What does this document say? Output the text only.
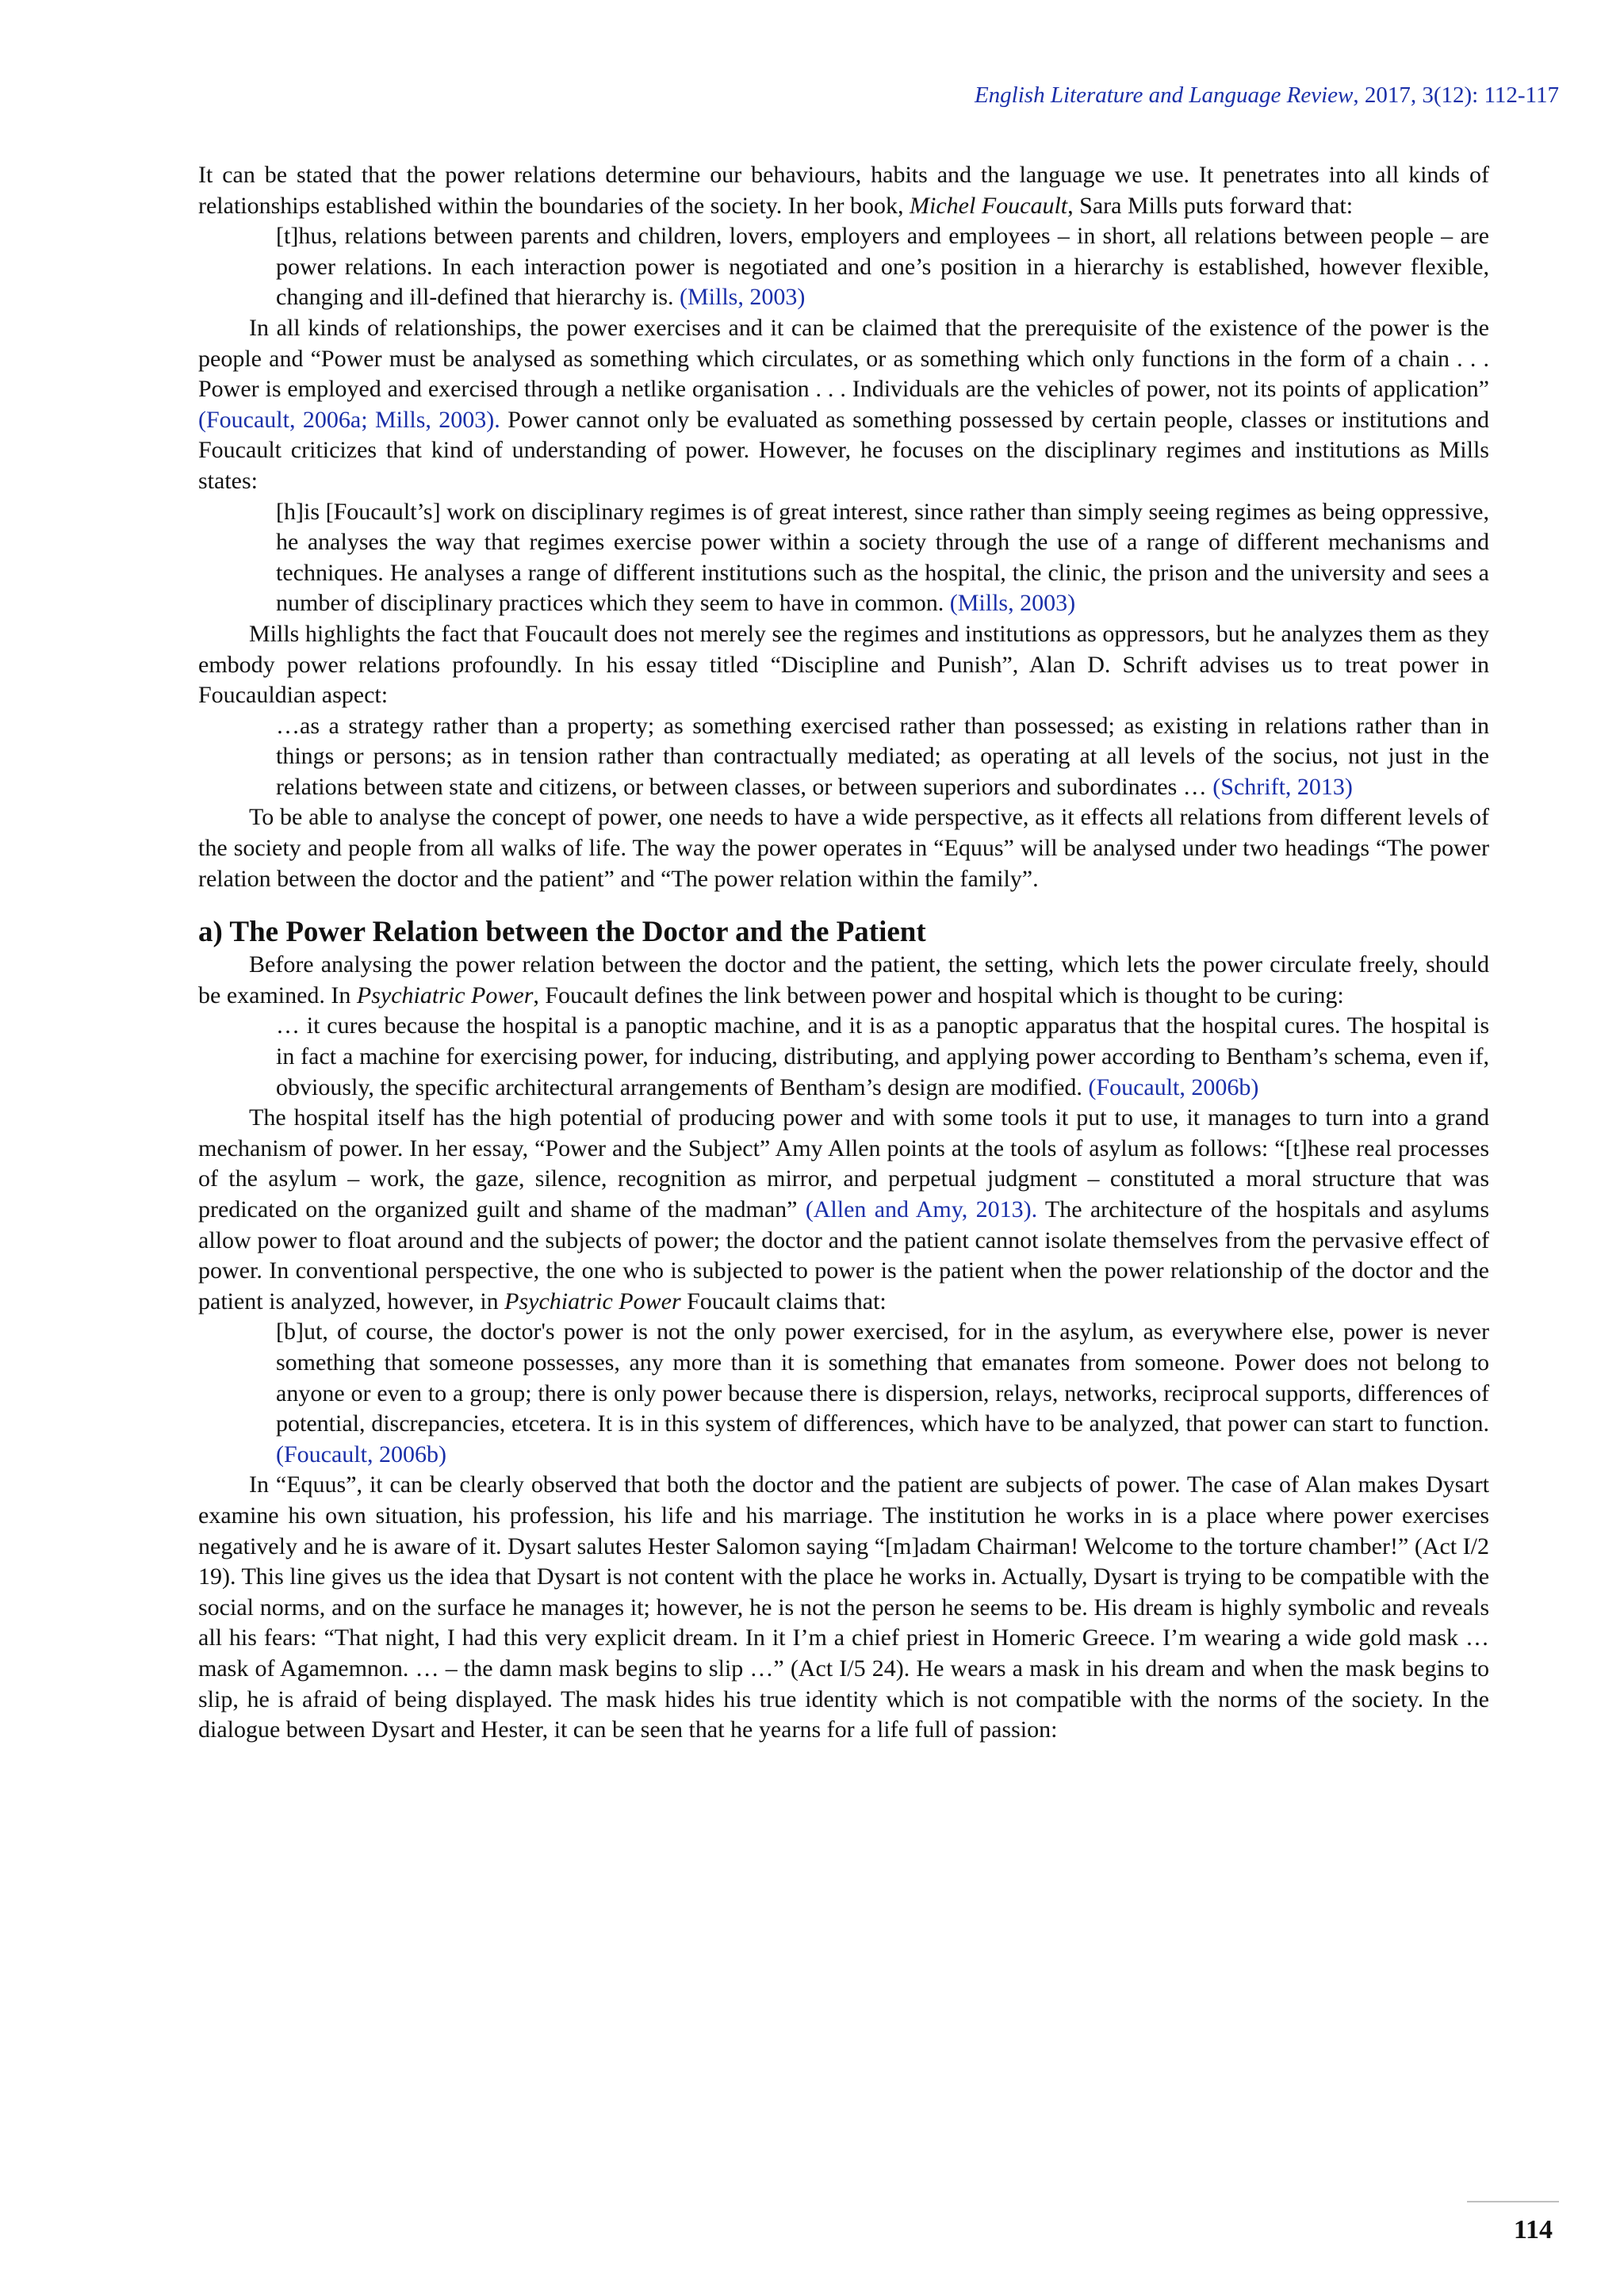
English Literature and Language Review, 2017, 3(12): 112-117

It can be stated that the power relations determine our behaviours, habits and the language we use. It penetrates into all kinds of relationships established within the boundaries of the society. In her book, Michel Foucault, Sara Mills puts forward that:

[t]hus, relations between parents and children, lovers, employers and employees – in short, all relations between people – are power relations. In each interaction power is negotiated and one’s position in a hierarchy is established, however flexible, changing and ill-defined that hierarchy is. (Mills, 2003)

In all kinds of relationships, the power exercises and it can be claimed that the prerequisite of the existence of the power is the people and “Power must be analysed as something which circulates, or as something which only functions in the form of a chain . . . Power is employed and exercised through a netlike organisation . . . Individuals are the vehicles of power, not its points of application” (Foucault, 2006a; Mills, 2003). Power cannot only be evaluated as something possessed by certain people, classes or institutions and Foucault criticizes that kind of understanding of power. However, he focuses on the disciplinary regimes and institutions as Mills states:

[h]is [Foucault’s] work on disciplinary regimes is of great interest, since rather than simply seeing regimes as being oppressive, he analyses the way that regimes exercise power within a society through the use of a range of different mechanisms and techniques. He analyses a range of different institutions such as the hospital, the clinic, the prison and the university and sees a number of disciplinary practices which they seem to have in common. (Mills, 2003)

Mills highlights the fact that Foucault does not merely see the regimes and institutions as oppressors, but he analyzes them as they embody power relations profoundly. In his essay titled “Discipline and Punish”, Alan D. Schrift advises us to treat power in Foucauldian aspect:

…as a strategy rather than a property; as something exercised rather than possessed; as existing in relations rather than in things or persons; as in tension rather than contractually mediated; as operating at all levels of the socius, not just in the relations between state and citizens, or between classes, or between superiors and subordinates … (Schrift, 2013)

To be able to analyse the concept of power, one needs to have a wide perspective, as it effects all relations from different levels of the society and people from all walks of life. The way the power operates in “Equus” will be analysed under two headings “The power relation between the doctor and the patient” and “The power relation within the family”.

a) The Power Relation between the Doctor and the Patient

Before analysing the power relation between the doctor and the patient, the setting, which lets the power circulate freely, should be examined. In Psychiatric Power, Foucault defines the link between power and hospital which is thought to be curing:

… it cures because the hospital is a panoptic machine, and it is as a panoptic apparatus that the hospital cures. The hospital is in fact a machine for exercising power, for inducing, distributing, and applying power according to Bentham’s schema, even if, obviously, the specific architectural arrangements of Bentham’s design are modified. (Foucault, 2006b)

The hospital itself has the high potential of producing power and with some tools it put to use, it manages to turn into a grand mechanism of power. In her essay, “Power and the Subject” Amy Allen points at the tools of asylum as follows: “[t]hese real processes of the asylum – work, the gaze, silence, recognition as mirror, and perpetual judgment – constituted a moral structure that was predicated on the organized guilt and shame of the madman” (Allen and Amy, 2013). The architecture of the hospitals and asylums allow power to float around and the subjects of power; the doctor and the patient cannot isolate themselves from the pervasive effect of power. In conventional perspective, the one who is subjected to power is the patient when the power relationship of the doctor and the patient is analyzed, however, in Psychiatric Power Foucault claims that:

[b]ut, of course, the doctor's power is not the only power exercised, for in the asylum, as everywhere else, power is never something that someone possesses, any more than it is something that emanates from someone. Power does not belong to anyone or even to a group; there is only power because there is dispersion, relays, networks, reciprocal supports, differences of potential, discrepancies, etcetera. It is in this system of differences, which have to be analyzed, that power can start to function. (Foucault, 2006b)

In “Equus”, it can be clearly observed that both the doctor and the patient are subjects of power. The case of Alan makes Dysart examine his own situation, his profession, his life and his marriage. The institution he works in is a place where power exercises negatively and he is aware of it. Dysart salutes Hester Salomon saying “[m]adam Chairman! Welcome to the torture chamber!” (Act I/2 19). This line gives us the idea that Dysart is not content with the place he works in. Actually, Dysart is trying to be compatible with the social norms, and on the surface he manages it; however, he is not the person he seems to be. His dream is highly symbolic and reveals all his fears: “That night, I had this very explicit dream. In it I’m a chief priest in Homeric Greece. I’m wearing a wide gold mask … mask of Agamemnon. … – the damn mask begins to slip …” (Act I/5 24). He wears a mask in his dream and when the mask begins to slip, he is afraid of being displayed. The mask hides his true identity which is not compatible with the norms of the society. In the dialogue between Dysart and Hester, it can be seen that he yearns for a life full of passion:

114
